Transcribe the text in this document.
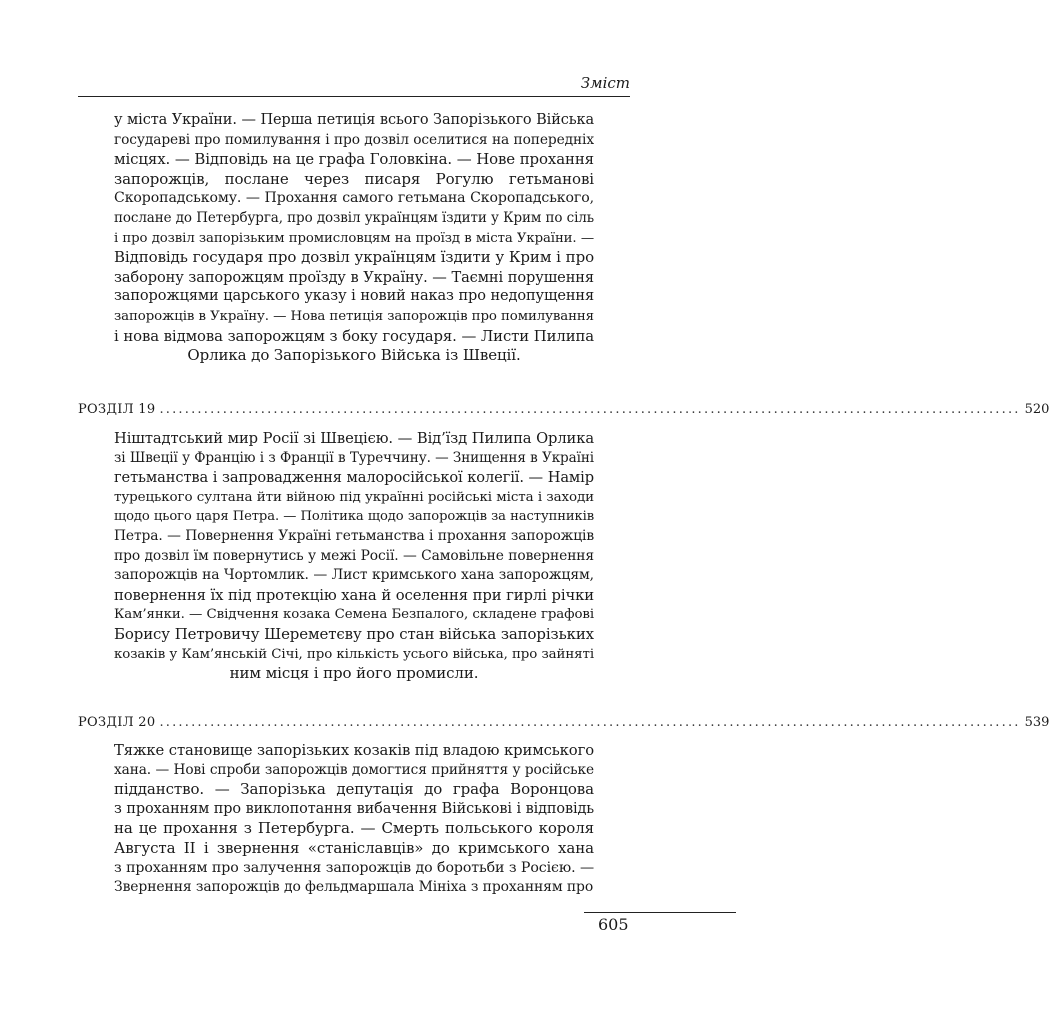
Зміст
у міста України. — Перша петиція всього Запорізького Війська
государеві про помилування і про дозвіл оселитися на попередніх
місцях. — Відповідь на це графа Головкіна. — Нове прохання
запорожців, послане через писаря Рогулю гетьманові
Скоропадському. — Прохання самого гетьмана Скоропадського,
послане до Петербурга, про дозвіл українцям їздити у Крим по сіль
і про дозвіл запорізьким промисловцям на проїзд в міста України. —
Відповідь государя про дозвіл українцям їздити у Крим і про
заборону запорожцям проїзду в Україну. — Таємні порушення
запорожцями царського указу і новий наказ про недопущення
запорожців в Україну. — Нова петиція запорожців про помилування
і нова відмова запорожцям з боку государя. — Листи Пилипа
Орлика до Запорізького Війська із Швеції.
РОЗДІЛ 19 ........................................................................................................................................ 520
Ніштадтський мир Росії зі Швецією. — Від’їзд Пилипа Орлика
зі Швеції у Францію і з Франції в Туреччину. — Знищення в Україні
гетьманства і запровадження малоросійської колегії. — Намір
турецького султана йти війною під українні російські міста і заходи
щодо цього царя Петра. — Політика щодо запорожців за наступників
Петра. — Повернення Україні гетьманства і прохання запорожців
про дозвіл їм повернутись у межі Росії. — Самовільне повернення
запорожців на Чортомлик. — Лист кримського хана запорожцям,
повернення їх під протекцію хана й оселення при гирлі річки
Кам’янки. — Свідчення козака Семена Безпалого, складене графові
Борису Петровичу Шереметєву про стан війська запорізьких
козаків у Кам’янській Січі, про кількість усього війська, про зайняті
ним місця і про його промисли.
РОЗДІЛ 20 ........................................................................................................................................ 539
Тяжке становище запорізьких козаків під владою кримського
хана. — Нові спроби запорожців домогтися прийняття у російське
підданство. — Запорізька депутація до графа Воронцова
з проханням про виклопотання вибачення Військові і відповідь
на це прохання з Петербурга. — Смерть польського короля
Августа II і звернення «станіславців» до кримського хана
з проханням про залучення запорожців до боротьби з Росією. —
Звернення запорожців до фельдмаршала Мініха з проханням про
605
